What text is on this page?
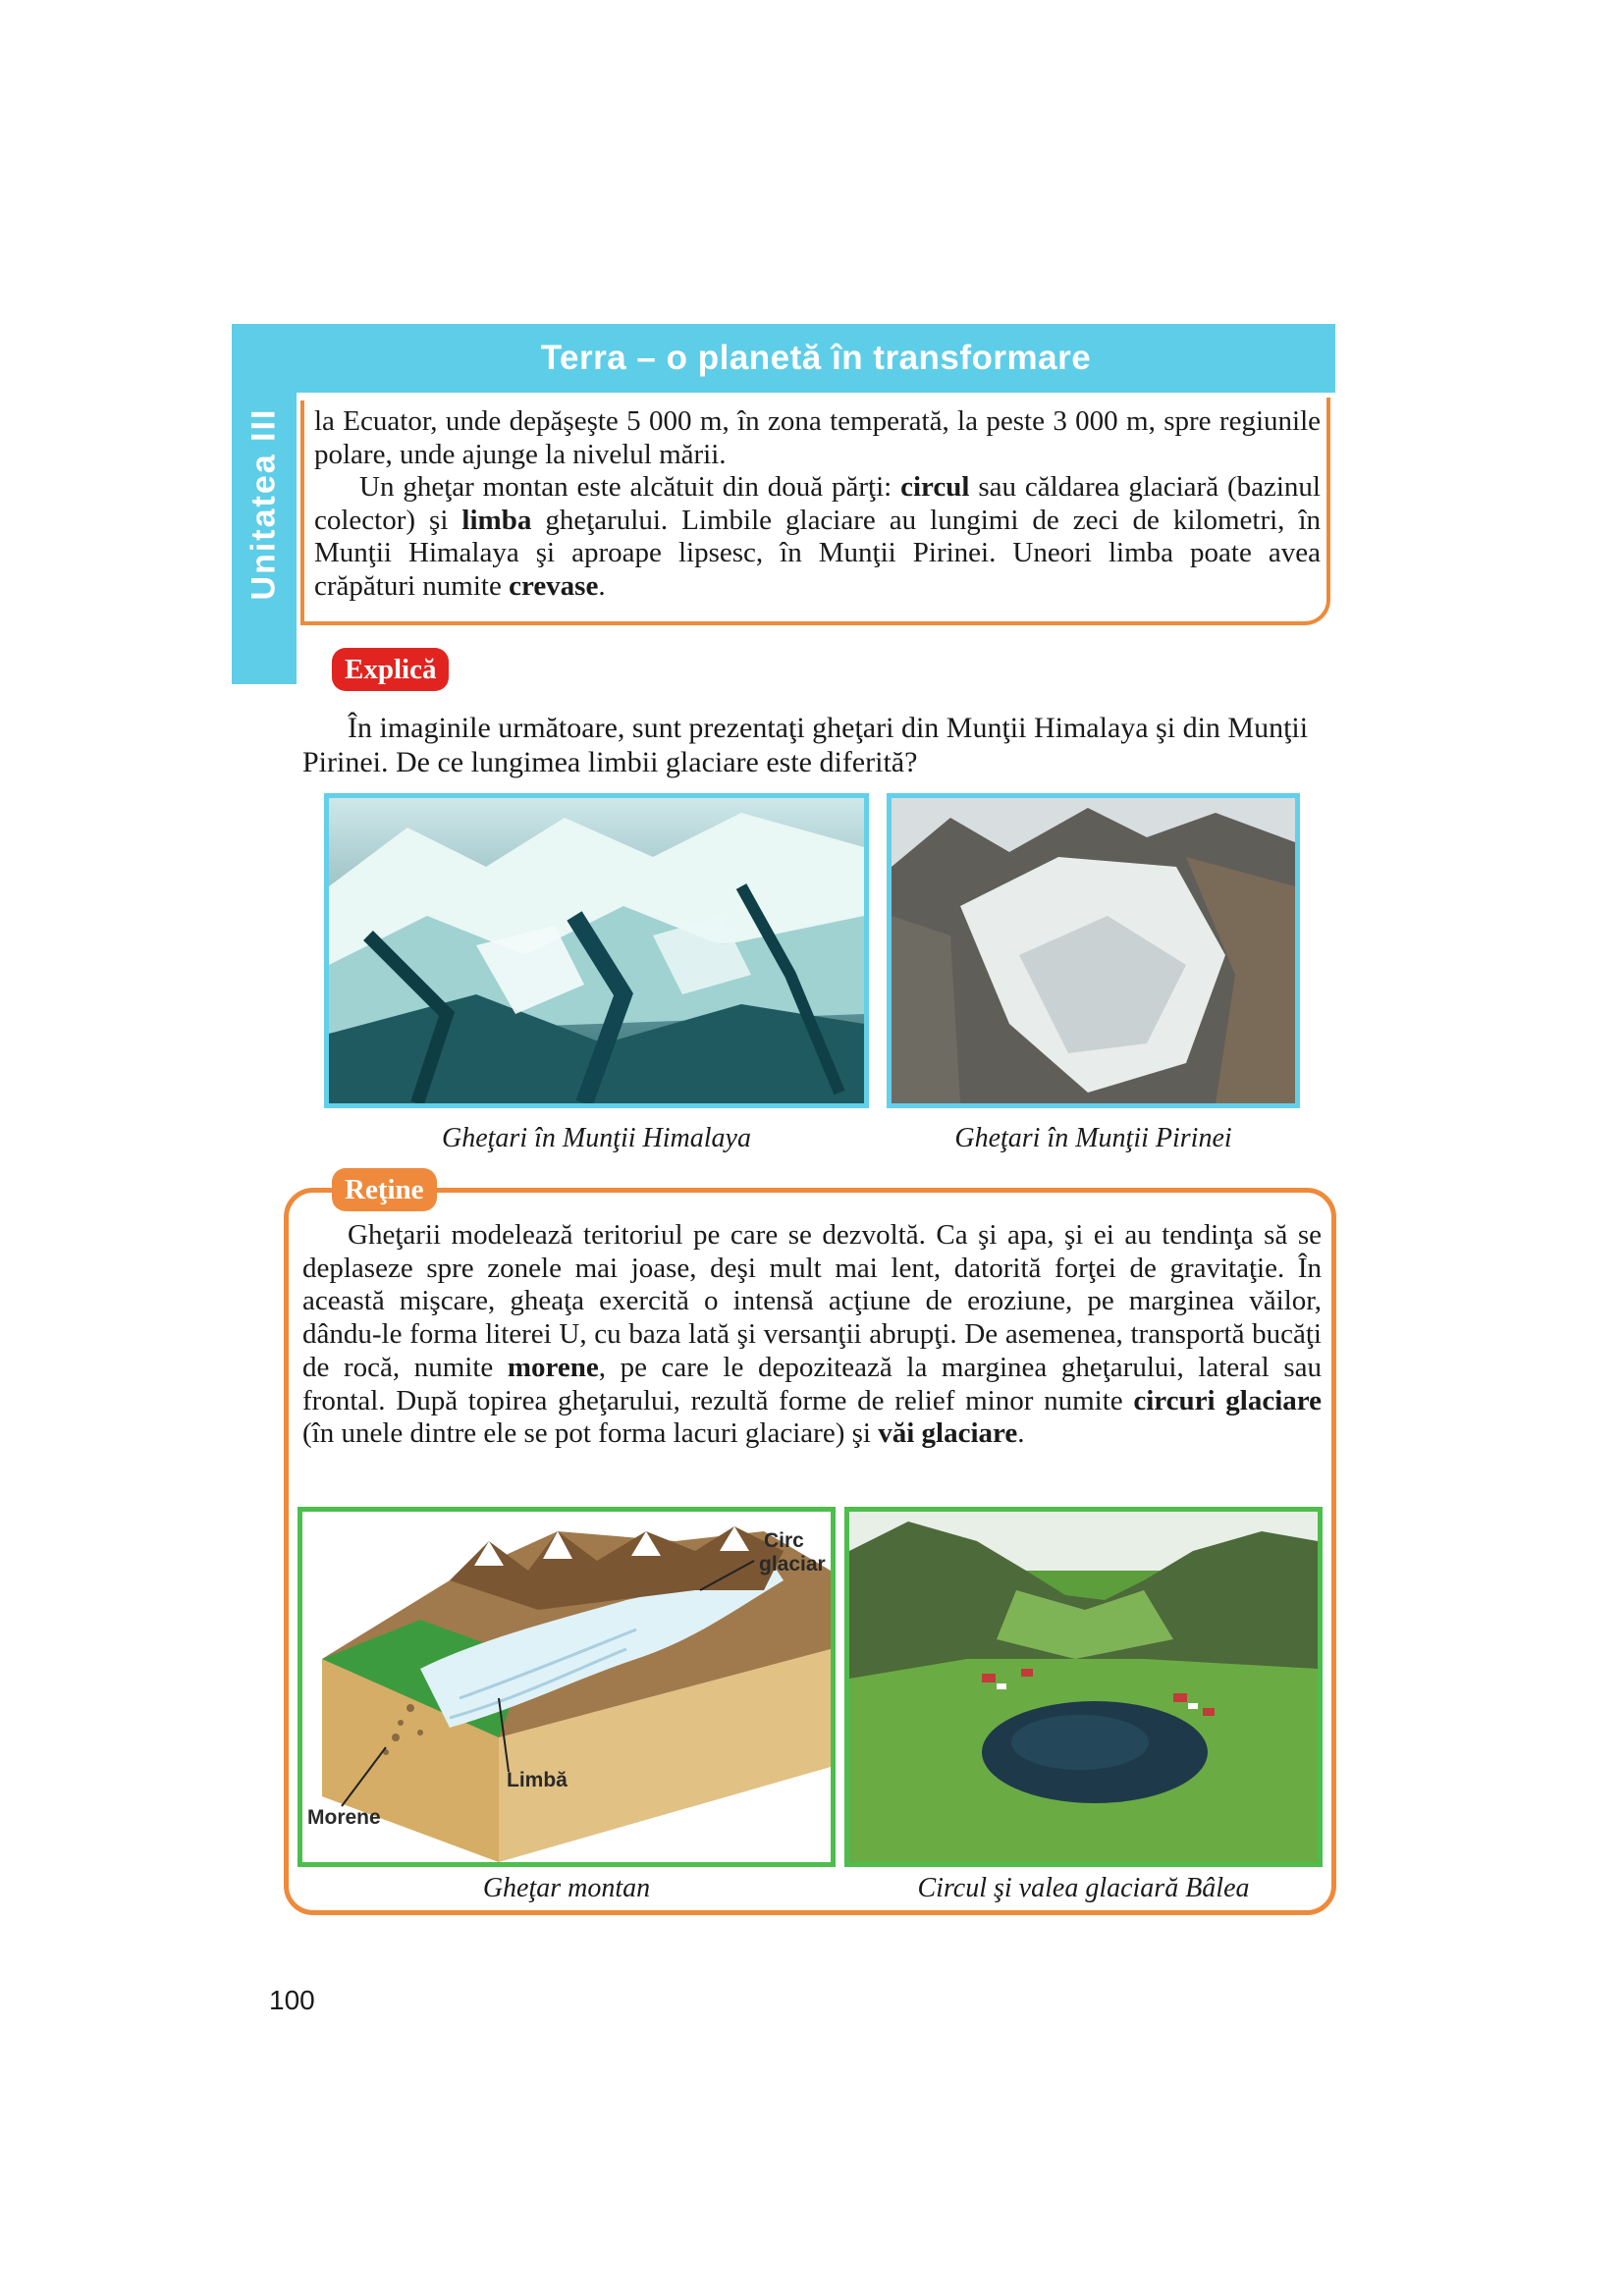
Unitatea III
Terra – o planetă în transformare

la Ecuator, unde depăşeşte 5 000 m, în zona temperată, la peste 3 000 m, spre regiunile polare, unde ajunge la nivelul mării.

Un gheţar montan este alcătuit din două părţi: circul sau căldarea glaciară (bazinul colector) şi limba gheţarului. Limbile glaciare au lungimi de zeci de kilometri, în Munţii Himalaya şi aproape lipsesc, în Munţii Pirinei. Uneori limba poate avea crăpături numite crevase.

Explică

În imaginile următoare, sunt prezentaţi gheţari din Munţii Himalaya şi din Munţii Pirinei. De ce lungimea limbii glaciare este diferită?

Gheţari în Munţii Himalaya	Gheţari în Munţii Pirinei
Reţine

Gheţarii modelează teritoriul pe care se dezvoltă. Ca şi apa, şi ei au tendinţa să se deplaseze spre zonele mai joase, deşi mult mai lent, datorită forţei de gravitaţie. În această mişcare, gheaţa exercită o intensă acţiune de eroziune, pe marginea văilor, dându-le forma literei U, cu baza lată şi versanţii abrupţi. De asemenea, transportă bucăţi de rocă, numite morene, pe care le depozitează la marginea gheţarului, lateral sau frontal. După topirea gheţarului, rezultă forme de relief minor numite circuri glaciare (în unele dintre ele se pot forma lacuri glaciare) şi văi glaciare.

Circ
glaciar
Limbă
Morene
Gheţar montan	Circul şi valea glaciară Bâlea
100
